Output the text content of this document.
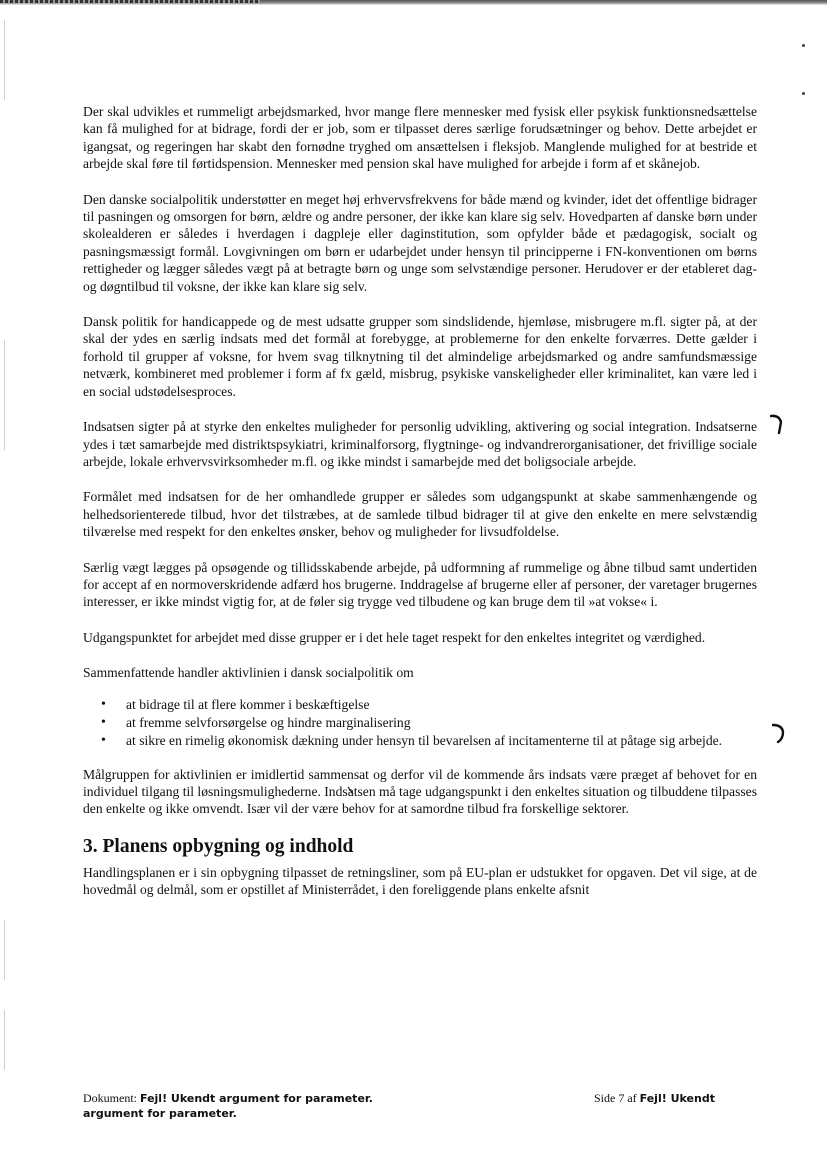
Der skal udvikles et rummeligt arbejdsmarked, hvor mange flere mennesker med fysisk eller psykisk funktionsnedsættelse kan få mulighed for at bidrage, fordi der er job, som er tilpasset deres særlige forudsætninger og behov. Dette arbejdet er igangsat, og regeringen har skabt den fornødne tryghed om ansættelsen i fleksjob. Manglende mulighed for at bestride et arbejde skal føre til førtidspension. Mennesker med pension skal have mulighed for arbejde i form af et skånejob.

Den danske socialpolitik understøtter en meget høj erhvervsfrekvens for både mænd og kvinder, idet det offentlige bidrager til pasningen og omsorgen for børn, ældre og andre personer, der ikke kan klare sig selv. Hovedparten af danske børn under skolealderen er således i hverdagen i dagpleje eller daginstitution, som opfylder både et pædagogisk, socialt og pasningsmæssigt formål. Lovgivningen om børn er udarbejdet under hensyn til principperne i FN-konventionen om børns rettigheder og lægger således vægt på at betragte børn og unge som selvstændige personer. Herudover er der etableret dag- og døgntilbud til voksne, der ikke kan klare sig selv.

Dansk politik for handicappede og de mest udsatte grupper som sindslidende, hjemløse, misbrugere m.fl. sigter på, at der skal der ydes en særlig indsats med det formål at forebygge, at problemerne for den enkelte forværres. Dette gælder i forhold til grupper af voksne, for hvem svag tilknytning til det almindelige arbejdsmarked og andre samfundsmæssige netværk, kombineret med problemer i form af fx gæld, misbrug, psykiske vanskeligheder eller kriminalitet, kan være led i en social udstødelsesproces.

Indsatsen sigter på at styrke den enkeltes muligheder for personlig udvikling, aktivering og social integration. Indsatserne ydes i tæt samarbejde med distriktspsykiatri, kriminalforsorg, flygtninge- og indvandrerorganisationer, det frivillige sociale arbejde, lokale erhvervsvirksomheder m.fl. og ikke mindst i samarbejde med det boligsociale arbejde.

Formålet med indsatsen for de her omhandlede grupper er således som udgangspunkt at skabe sammenhængende og helhedsorienterede tilbud, hvor det tilstræbes, at de samlede tilbud bidrager til at give den enkelte en mere selvstændig tilværelse med respekt for den enkeltes ønsker, behov og muligheder for livsudfoldelse.

Særlig vægt lægges på opsøgende og tillidsskabende arbejde, på udformning af rummelige og åbne tilbud samt undertiden for accept af en normoverskridende adfærd hos brugerne. Inddragelse af brugerne eller af personer, der varetager brugernes interesser, er ikke mindst vigtig for, at de føler sig trygge ved tilbudene og kan bruge dem til »at vokse« i.

Udgangspunktet for arbejdet med disse grupper er i det hele taget respekt for den enkeltes integritet og værdighed.

Sammenfattende handler aktivlinien i dansk socialpolitik om

• at bidrage til at flere kommer i beskæftigelse
• at fremme selvforsørgelse og hindre marginalisering
• at sikre en rimelig økonomisk dækning under hensyn til bevarelsen af incitamenterne til at påtage sig arbejde.

Målgruppen for aktivlinien er imidlertid sammensat og derfor vil de kommende års indsats være præget af behovet for en individuel tilgang til løsningsmulighederne. Indsatsen må tage udgangspunkt i den enkeltes situation og tilbuddene tilpasses den enkelte og ikke omvendt. Især vil der være behov for at samordne tilbud fra forskellige sektorer.

3. Planens opbygning og indhold

Handlingsplanen er i sin opbygning tilpasset de retningsliner, som på EU-plan er udstukket for opgaven. Det vil sige, at de hovedmål og delmål, som er opstillet af Ministerrådet, i den foreliggende plans enkelte afsnit

Dokument: Fejl! Ukendt argument for parameter.
argument for parameter.
Side 7 af Fejl! Ukendt
